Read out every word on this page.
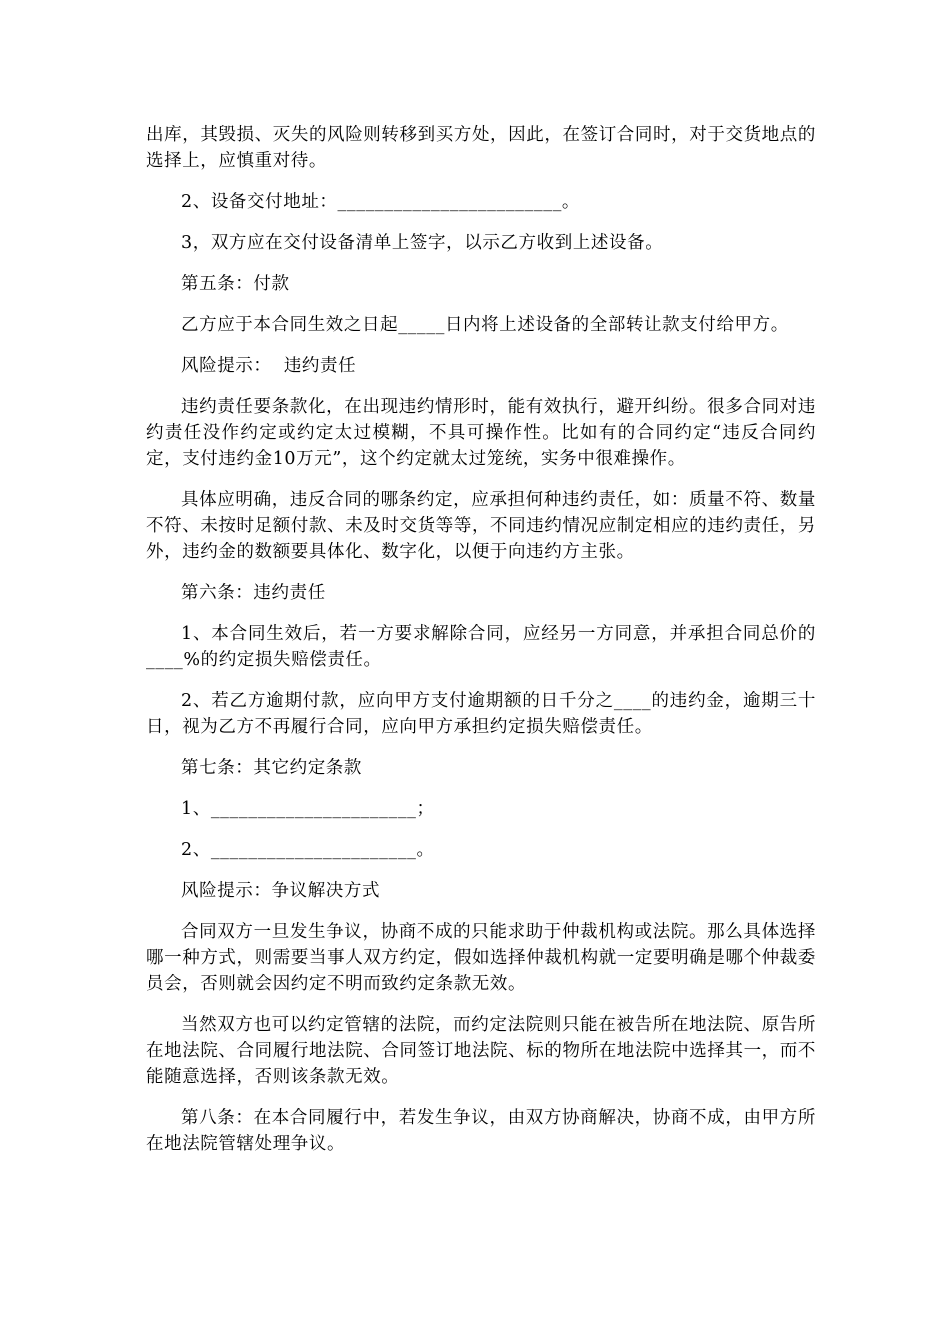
出库，其毁损、灭失的风险则转移到买方处，因此，在签订合同时，对于交货地点的选择上，应慎重对待。

2、设备交付地址：________________________。

3，双方应在交付设备清单上签字，以示乙方收到上述设备。

第五条：付款

乙方应于本合同生效之日起_____日内将上述设备的全部转让款支付给甲方。

风险提示：  违约责任

违约责任要条款化，在出现违约情形时，能有效执行，避开纠纷。很多合同对违约责任没作约定或约定太过模糊，不具可操作性。比如有的合同约定“违反合同约定，支付违约金10万元”，这个约定就太过笼统，实务中很难操作。

具体应明确，违反合同的哪条约定，应承担何种违约责任，如：质量不符、数量不符、未按时足额付款、未及时交货等等，不同违约情况应制定相应的违约责任，另外，违约金的数额要具体化、数字化，以便于向违约方主张。

第六条：违约责任

1、本合同生效后，若一方要求解除合同，应经另一方同意，并承担合同总价的____%的约定损失赔偿责任。

2、若乙方逾期付款，应向甲方支付逾期额的日千分之____的违约金，逾期三十日，视为乙方不再履行合同，应向甲方承担约定损失赔偿责任。

第七条：其它约定条款

1、______________________；

2、______________________。

风险提示：争议解决方式

合同双方一旦发生争议，协商不成的只能求助于仲裁机构或法院。那么具体选择哪一种方式，则需要当事人双方约定，假如选择仲裁机构就一定要明确是哪个仲裁委员会，否则就会因约定不明而致约定条款无效。

当然双方也可以约定管辖的法院，而约定法院则只能在被告所在地法院、原告所在地法院、合同履行地法院、合同签订地法院、标的物所在地法院中选择其一，而不能随意选择，否则该条款无效。

第八条：在本合同履行中，若发生争议，由双方协商解决，协商不成，由甲方所在地法院管辖处理争议。
